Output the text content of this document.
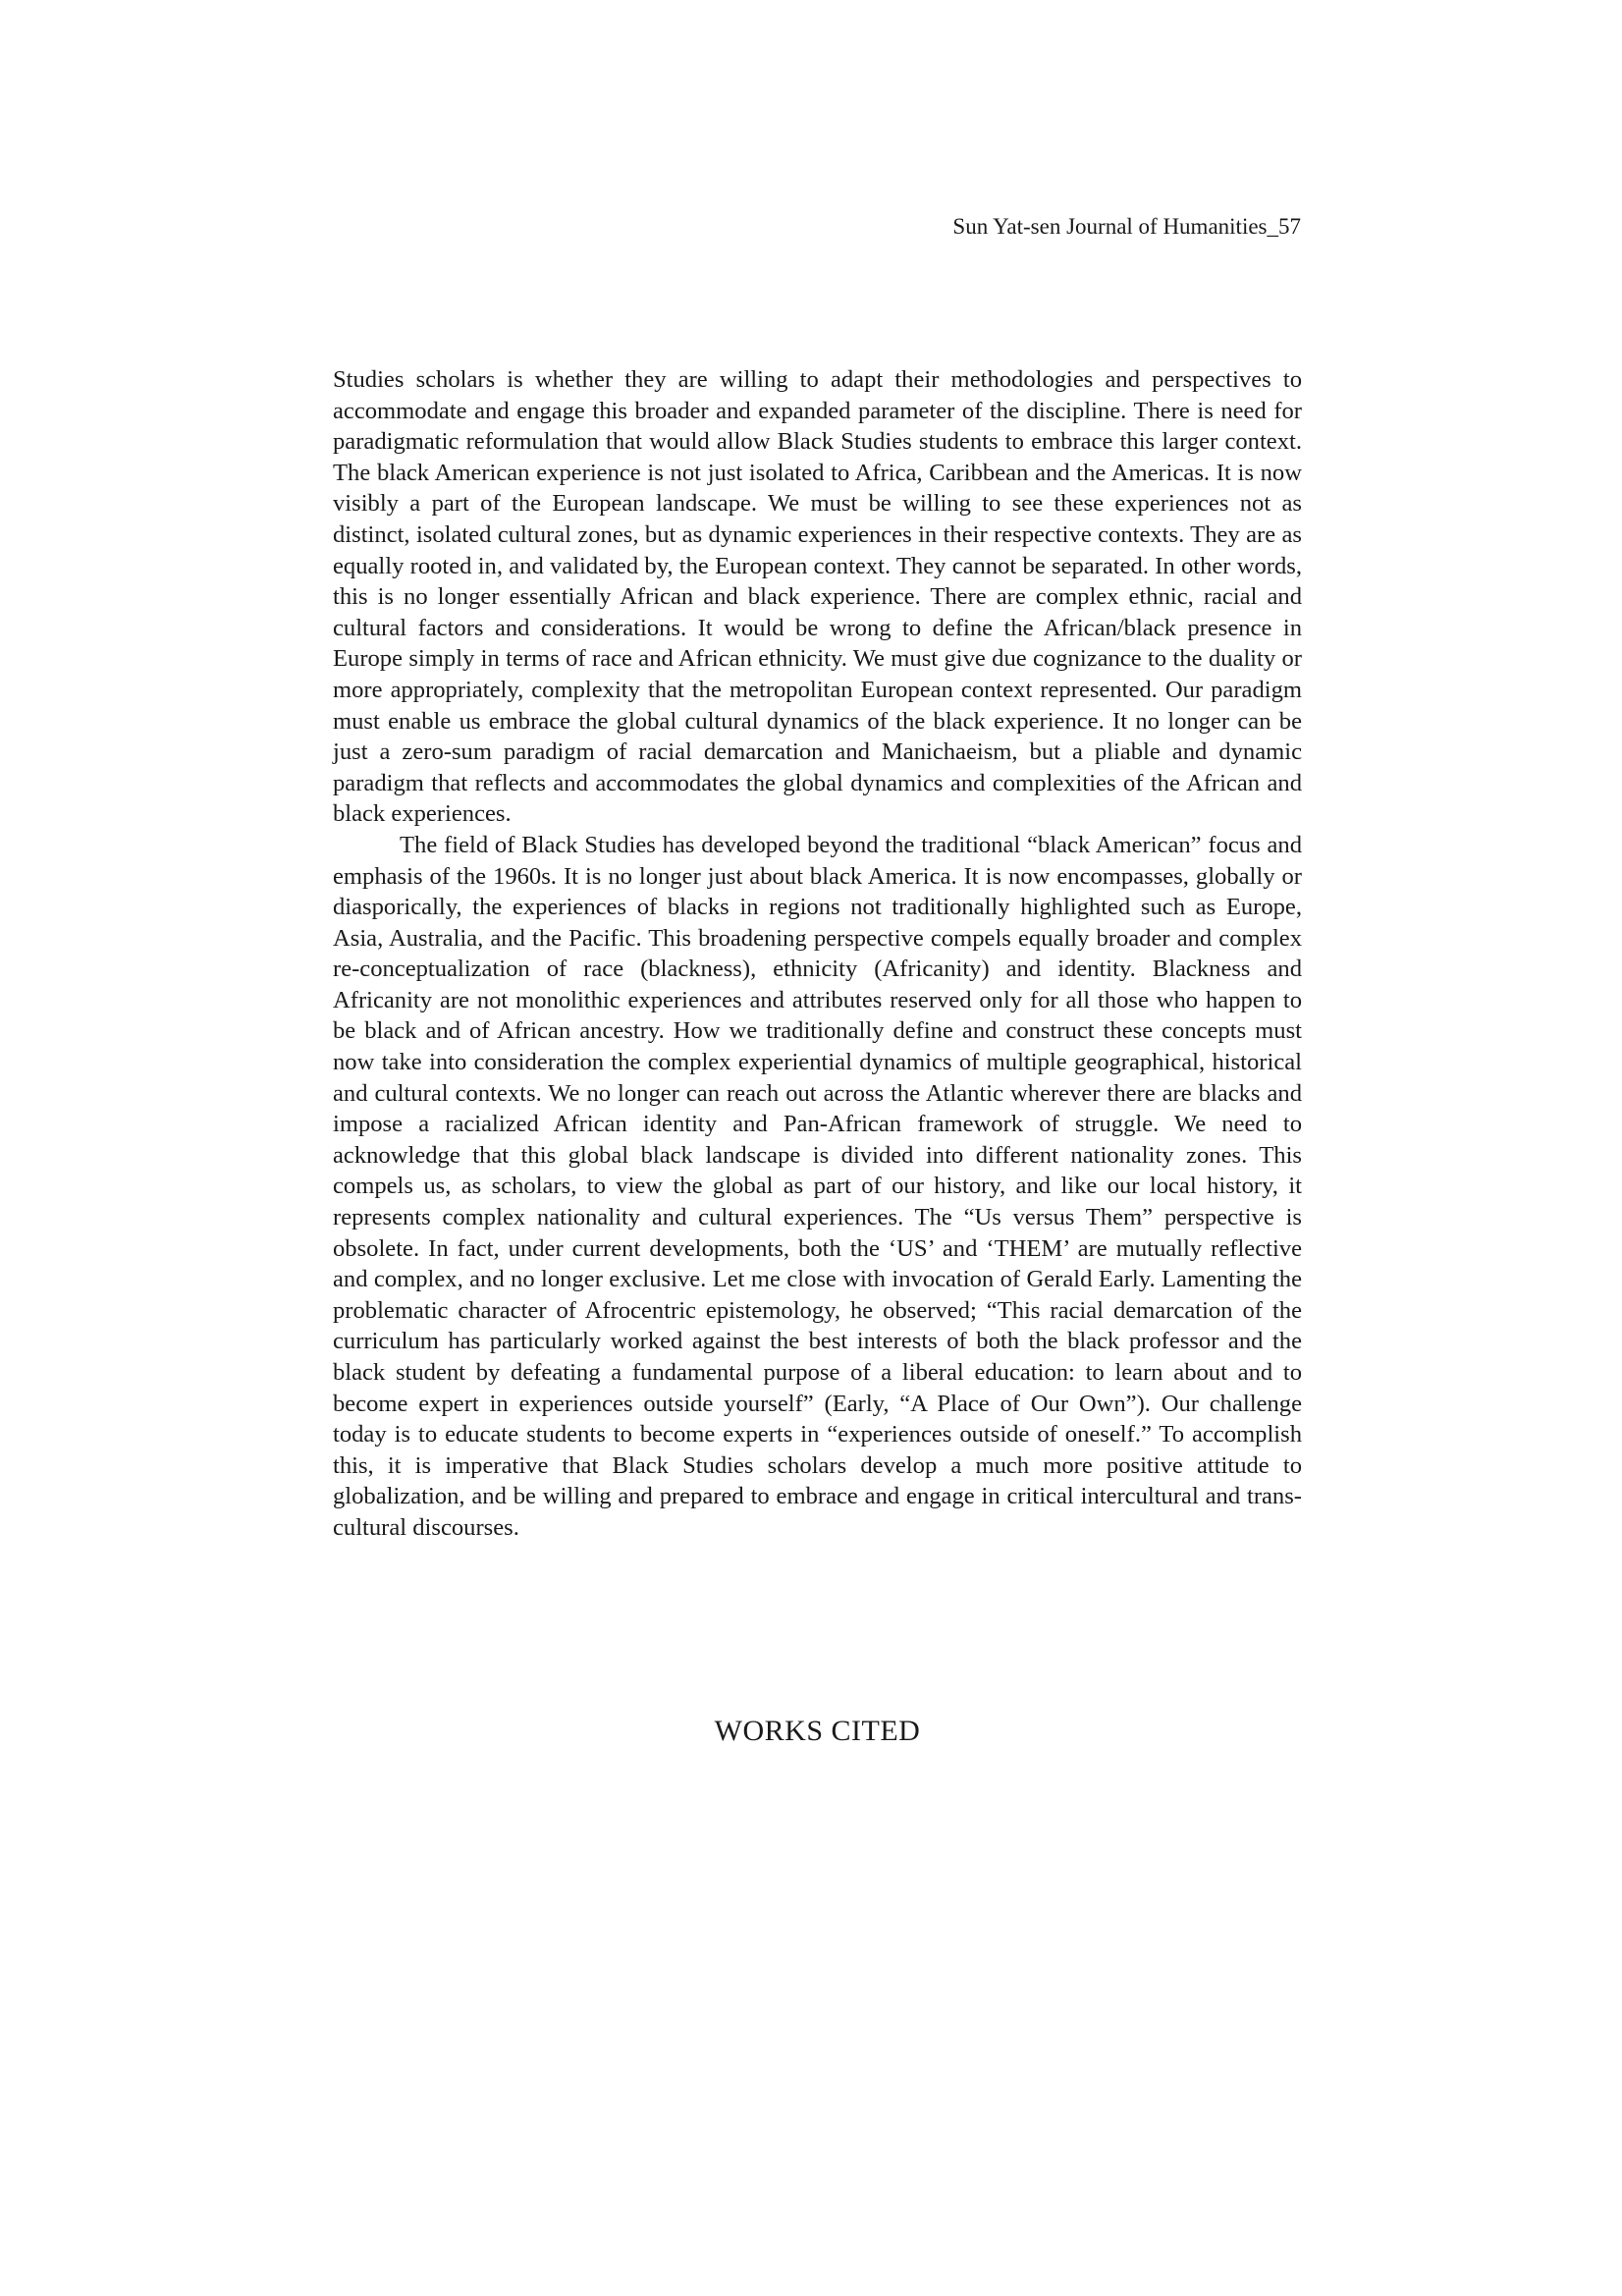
Sun Yat-sen Journal of Humanities_57

Studies scholars is whether they are willing to adapt their methodologies and perspectives to accommodate and engage this broader and expanded parameter of the discipline. There is need for paradigmatic reformulation that would allow Black Studies students to embrace this larger context. The black American experience is not just isolated to Africa, Caribbean and the Americas. It is now visibly a part of the European landscape. We must be willing to see these experiences not as distinct, isolated cultural zones, but as dynamic experiences in their respective contexts. They are as equally rooted in, and validated by, the European context. They cannot be separated. In other words, this is no longer essentially African and black experience. There are complex ethnic, racial and cultural factors and considerations. It would be wrong to define the African/black presence in Europe simply in terms of race and African ethnicity. We must give due cognizance to the duality or more appropriately, complexity that the metropolitan European context represented. Our paradigm must enable us embrace the global cultural dynamics of the black experience. It no longer can be just a zero-sum paradigm of racial demarcation and Manichaeism, but a pliable and dynamic paradigm that reflects and accommodates the global dynamics and complexities of the African and black experiences.

The field of Black Studies has developed beyond the traditional “black American” focus and emphasis of the 1960s. It is no longer just about black America. It is now encompasses, globally or diasporically, the experiences of blacks in regions not traditionally highlighted such as Europe, Asia, Australia, and the Pacific. This broadening perspective compels equally broader and complex re-conceptualization of race (blackness), ethnicity (Africanity) and identity. Blackness and Africanity are not monolithic experiences and attributes reserved only for all those who happen to be black and of African ancestry. How we traditionally define and construct these concepts must now take into consideration the complex experiential dynamics of multiple geographical, historical and cultural contexts. We no longer can reach out across the Atlantic wherever there are blacks and impose a racialized African identity and Pan-African framework of struggle. We need to acknowledge that this global black landscape is divided into different nationality zones. This compels us, as scholars, to view the global as part of our history, and like our local history, it represents complex nationality and cultural experiences. The “Us versus Them” perspective is obsolete. In fact, under current developments, both the ‘US’ and ‘THEM’ are mutually reflective and complex, and no longer exclusive. Let me close with invocation of Gerald Early. Lamenting the problematic character of Afrocentric epistemology, he observed; “This racial demarcation of the curriculum has particularly worked against the best interests of both the black professor and the black student by defeating a fundamental purpose of a liberal education: to learn about and to become expert in experiences outside yourself” (Early, “A Place of Our Own”). Our challenge today is to educate students to become experts in “experiences outside of oneself.” To accomplish this, it is imperative that Black Studies scholars develop a much more positive attitude to globalization, and be willing and prepared to embrace and engage in critical intercultural and trans-cultural discourses.

WORKS CITED
